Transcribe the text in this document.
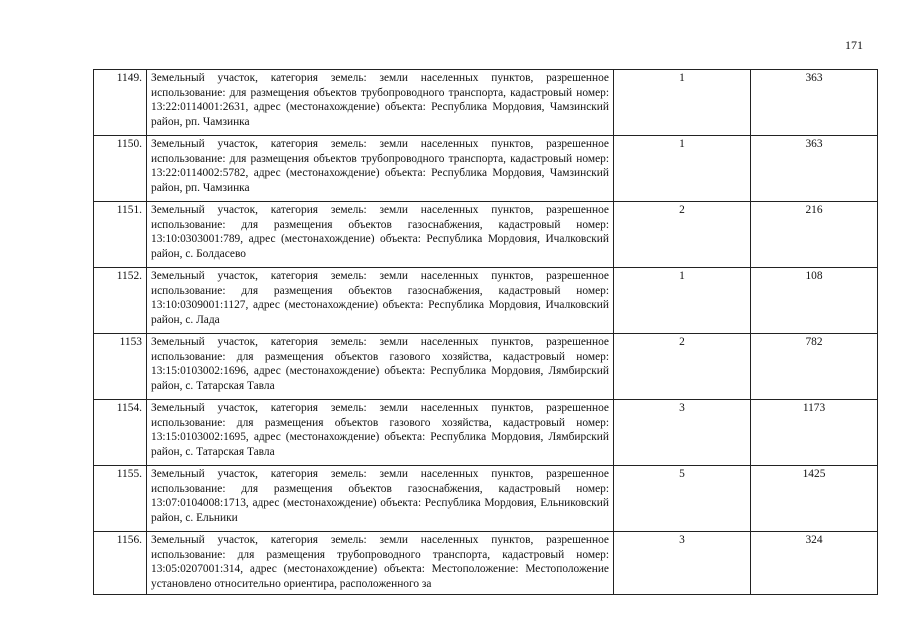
171
1149.	Земельный участок, категория земель: земли населенных пунктов, разрешенное использование: для размещения объектов трубопроводного транспорта, кадастровый номер: 13:22:0114001:2631, адрес (местонахождение) объекта: Республика Мордовия, Чамзинский район, рп. Чамзинка	1	363
1150.	Земельный участок, категория земель: земли населенных пунктов, разрешенное использование: для размещения объектов трубопроводного транспорта, кадастровый номер: 13:22:0114002:5782, адрес (местонахождение) объекта: Республика Мордовия, Чамзинский район, рп. Чамзинка	1	363
1151.	Земельный участок, категория земель: земли населенных пунктов, разрешенное использование: для размещения объектов газоснабжения, кадастровый номер: 13:10:0303001:789, адрес (местонахождение) объекта: Республика Мордовия, Ичалковский район, с. Болдасево	2	216
1152.	Земельный участок, категория земель: земли населенных пунктов, разрешенное использование: для размещения объектов газоснабжения, кадастровый номер: 13:10:0309001:1127, адрес (местонахождение) объекта: Республика Мордовия, Ичалковский район, с. Лада	1	108
1153	Земельный участок, категория земель: земли населенных пунктов, разрешенное использование: для размещения объектов газового хозяйства, кадастровый номер: 13:15:0103002:1696, адрес (местонахождение) объекта: Республика Мордовия, Лямбирский район, с. Татарская Тавла	2	782
1154.	Земельный участок, категория земель: земли населенных пунктов, разрешенное использование: для размещения объектов газового хозяйства, кадастровый номер: 13:15:0103002:1695, адрес (местонахождение) объекта: Республика Мордовия, Лямбирский район, с. Татарская Тавла	3	1173
1155.	Земельный участок, категория земель: земли населенных пунктов, разрешенное использование: для размещения объектов газоснабжения, кадастровый номер: 13:07:0104008:1713, адрес (местонахождение) объекта: Республика Мордовия, Ельниковский район, с. Ельники	5	1425
1156.	Земельный участок, категория земель: земли населенных пунктов, разрешенное использование: для размещения трубопроводного транспорта, кадастровый номер: 13:05:0207001:314, адрес (местонахождение) объекта: Местоположение: Местоположение установлено относительно ориентира, расположенного за	3	324
